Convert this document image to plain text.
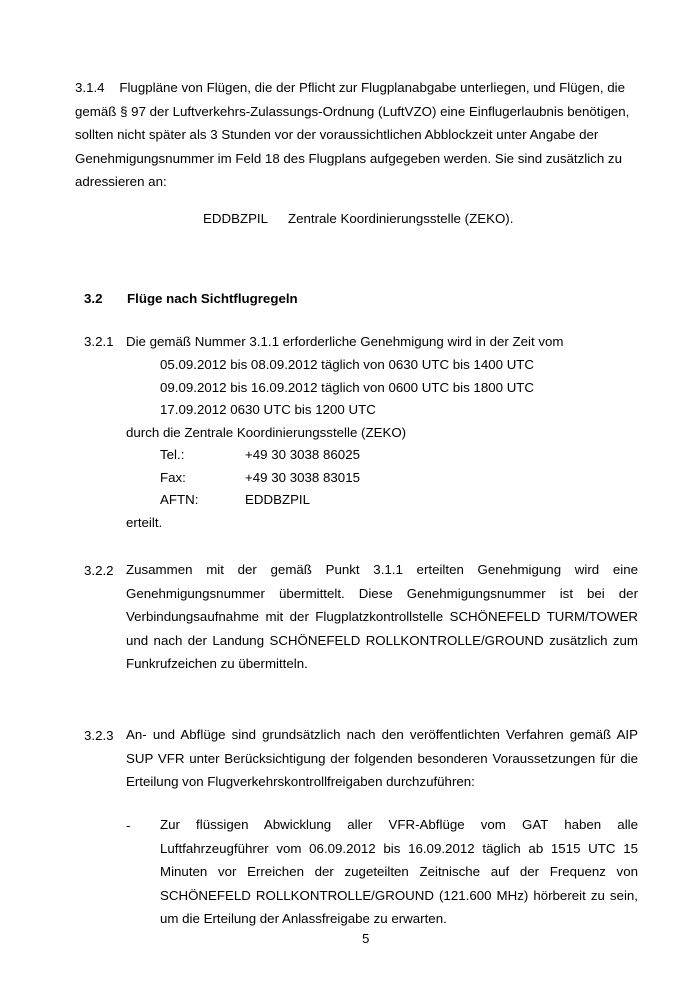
3.1.4    Flugpläne von Flügen, die der Pflicht zur Flugplanabgabe unterliegen, und Flügen, die
gemäß § 97 der Luftverkehrs-Zulassungs-Ordnung (LuftVZO) eine Einflugerlaubnis benötigen,
sollten nicht später als 3 Stunden vor der voraussichtlichen Abblockzeit unter Angabe der
Genehmigungsnummer im Feld 18 des Flugplans aufgegeben werden. Sie sind zusätzlich zu
adressieren an:
EDDBZPIL Zentrale Koordinierungsstelle (ZEKO).
3.2 Flüge nach Sichtflugregeln
3.2.1 Die gemäß Nummer 3.1.1 erforderliche Genehmigung wird in der Zeit vom
05.09.2012 bis 08.09.2012 täglich von 0630 UTC bis 1400 UTC
09.09.2012 bis 16.09.2012 täglich von 0600 UTC bis 1800 UTC
17.09.2012 0630 UTC bis 1200 UTC
durch die Zentrale Koordinierungsstelle (ZEKO)
Tel.:	+49 30 3038 86025
Fax:	+49 30 3038 83015
AFTN:	EDDBZPIL
erteilt.
3.2.2 Zusammen mit der gemäß Punkt 3.1.1 erteilten Genehmigung wird eine
Genehmigungsnummer übermittelt. Diese Genehmigungsnummer ist bei der
Verbindungsaufnahme mit der Flugplatzkontrollstelle SCHÖNEFELD TURM/TOWER
und nach der Landung SCHÖNEFELD ROLLKONTROLLE/GROUND zusätzlich zum
Funkrufzeichen zu übermitteln.
3.2.3 An- und Abflüge sind grundsätzlich nach den veröffentlichten Verfahren gemäß AIP
SUP VFR unter Berücksichtigung der folgenden besonderen Voraussetzungen für die
Erteilung von Flugverkehrskontrollfreigaben durchzuführen:
- Zur flüssigen Abwicklung aller VFR-Abflüge vom GAT haben alle
Luftfahrzeugführer vom 06.09.2012 bis 16.09.2012 täglich ab 1515 UTC 15
Minuten vor Erreichen der zugeteilten Zeitnische auf der Frequenz von
SCHÖNEFELD ROLLKONTROLLE/GROUND (121.600 MHz) hörbereit zu sein,
um die Erteilung der Anlassfreigabe zu erwarten.
5
